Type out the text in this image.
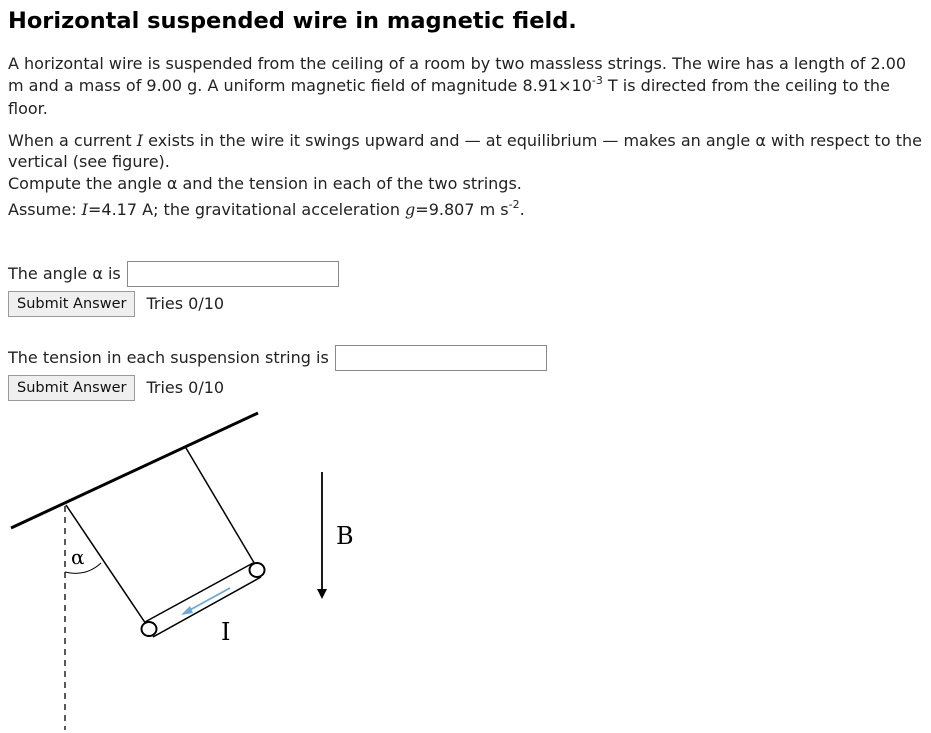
Horizontal suspended wire in magnetic field.

A horizontal wire is suspended from the ceiling of a room by two massless strings. The wire has a length of 2.00 m and a mass of 9.00 g. A uniform magnetic field of magnitude $8.91\times 10^{-3}$ T is directed from the ceiling to the floor.

When a current I exists in the wire it swings upward and — at equilibrium — makes an angle α with respect to the vertical (see figure).
Compute the angle α and the tension in each of the two strings.

Assume: I=4.17 A; the gravitational acceleration g=9.807 m $s^{-2}$.

The angle α is
Submit Answer	Tries 0/10
The tension in each suspension string is
Submit Answer	Tries 0/10
α
I
B
